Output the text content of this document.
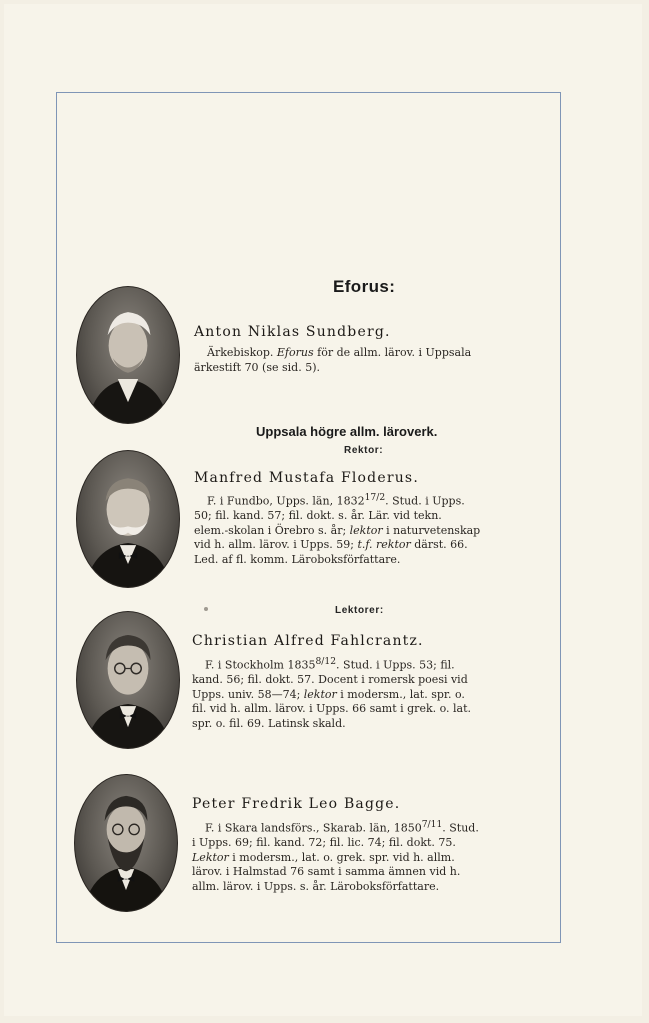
Eforus:
Anton Niklas Sundberg.

Ärkebiskop. Eforus för de allm. lärov. i Uppsala
ärkestift 70 (se sid. 5).

Uppsala högre allm. läroverk.
Rektor:
Manfred Mustafa Floderus.

F. i Fundbo, Upps. län, $1832^{17/2}$. Stud. i Upps.
50; fil. kand. 57; fil. dokt. s. år. Lär. vid tekn.
elem.-skolan i Örebro s. år; lektor i naturvetenskap
vid h. allm. lärov. i Upps. 59; t.f. rektor därst. 66.
Led. af fl. komm. Läroboksförfattare.

Lektorer:
Christian Alfred Fahlcrantz.

F. i Stockholm $1835^{8/12}$. Stud. i Upps. 53; fil.
kand. 56; fil. dokt. 57. Docent i romersk poesi vid
Upps. univ. 58—74; lektor i modersm., lat. spr. o.
fil. vid h. allm. lärov. i Upps. 66 samt i grek. o. lat.
spr. o. fil. 69. Latinsk skald.

Peter Fredrik Leo Bagge.

F. i Skara landsförs., Skarab. län, $1850^{7/11}$. Stud.
i Upps. 69; fil. kand. 72; fil. lic. 74; fil. dokt. 75.
Lektor i modersm., lat. o. grek. spr. vid h. allm.
lärov. i Halmstad 76 samt i samma ämnen vid h.
allm. lärov. i Upps. s. år. Läroboksförfattare.
